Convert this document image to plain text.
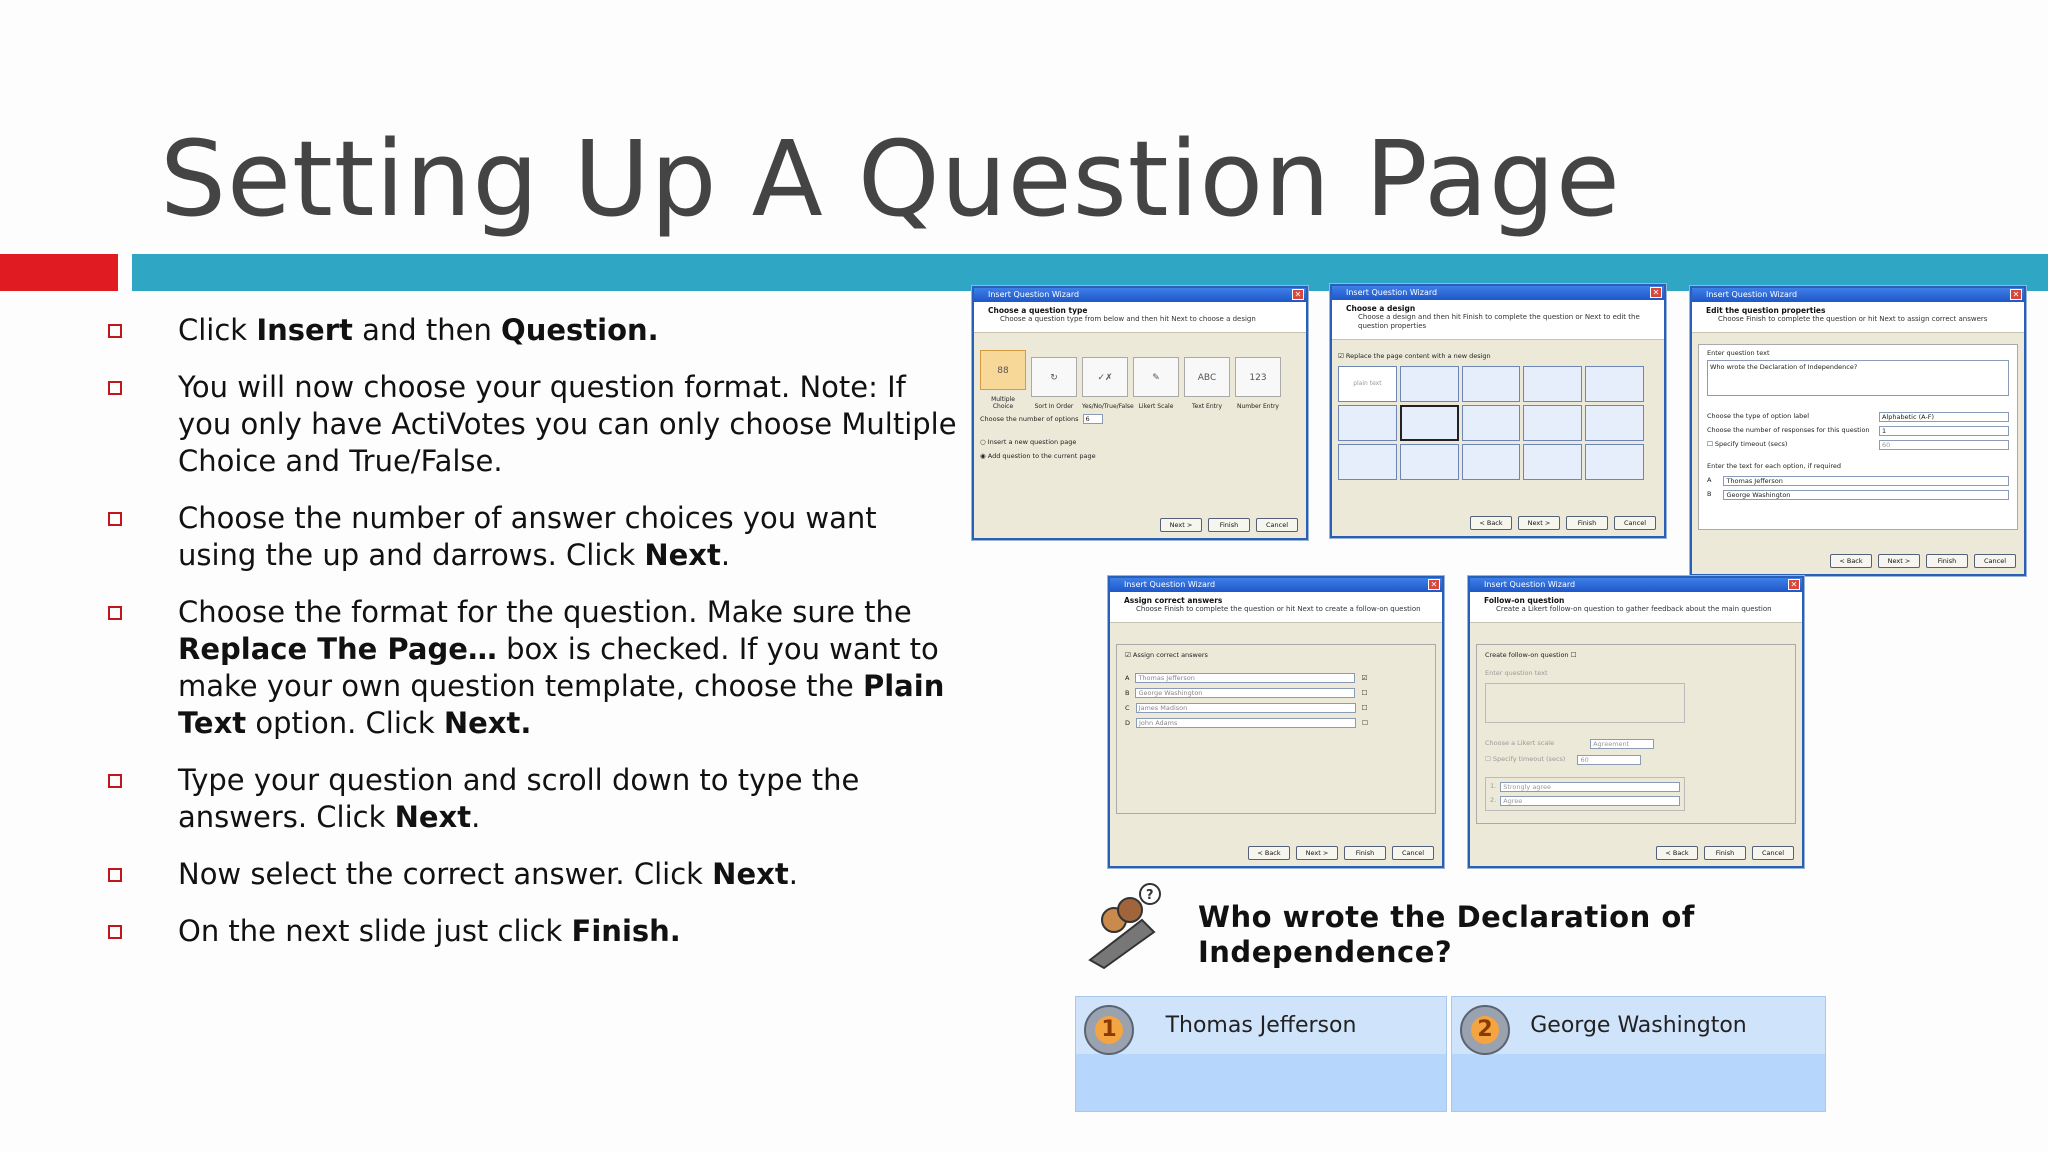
Setting Up A Question Page
Click Insert and then Question.
You will now choose your question format. Note: If you only have ActiVotes you can only choose Multiple Choice and True/False.
Choose the number of answer choices you want using the up and darrows. Click Next.
Choose the format for the question. Make sure the Replace The Page… box is checked. If you want to make your own question template, choose the Plain Text option. Click Next.
Type your question and scroll down to type the answers. Click Next.
Now select the correct answer. Click Next.
On the next slide just click Finish.
Insert Question Wizard	✕
Choose a question type
Choose a question type from below and then hit Next to choose a design
88
Multiple Choice
↻
Sort In Order
✓✗
Yes/No/True/False
✎
Likert Scale
ABC
Text Entry
123
Number Entry
Choose the number of options	6
○ Insert a new question page
◉ Add question to the current page
Next >	Finish	Cancel
Insert Question Wizard	✕
Choose a design
Choose a design and then hit Finish to complete the question or Next to edit the question properties
☑ Replace the page content with a new design
plain text
< Back	Next >	Finish	Cancel
Insert Question Wizard	✕
Edit the question properties
Choose Finish to complete the question or hit Next to assign correct answers
Enter question text
Who wrote the Declaration of Independence?
Choose the type of option label	Alphabetic (A-F)
Choose the number of responses for this question	1
☐ Specify timeout (secs)	60
Enter the text for each option, if required
A	Thomas Jefferson
B	George Washington
< Back	Next >	Finish	Cancel
Insert Question Wizard	✕
Assign correct answers
Choose Finish to complete the question or hit Next to create a follow-on question
☑ Assign correct answers
A	Thomas Jefferson	☑
B	George Washington	☐
C	James Madison	☐
D	John Adams	☐
< Back	Next >	Finish	Cancel
Insert Question Wizard	✕
Follow-on question
Create a Likert follow-on question to gather feedback about the main question
Create follow-on question ☐
Enter question text
Choose a Likert scale	Agreement
☐ Specify timeout (secs)	60
1.	Strongly agree
2.	Agree
< Back	Finish	Cancel
?
Who wrote the Declaration of Independence?
1	Thomas Jefferson	2	George Washington
